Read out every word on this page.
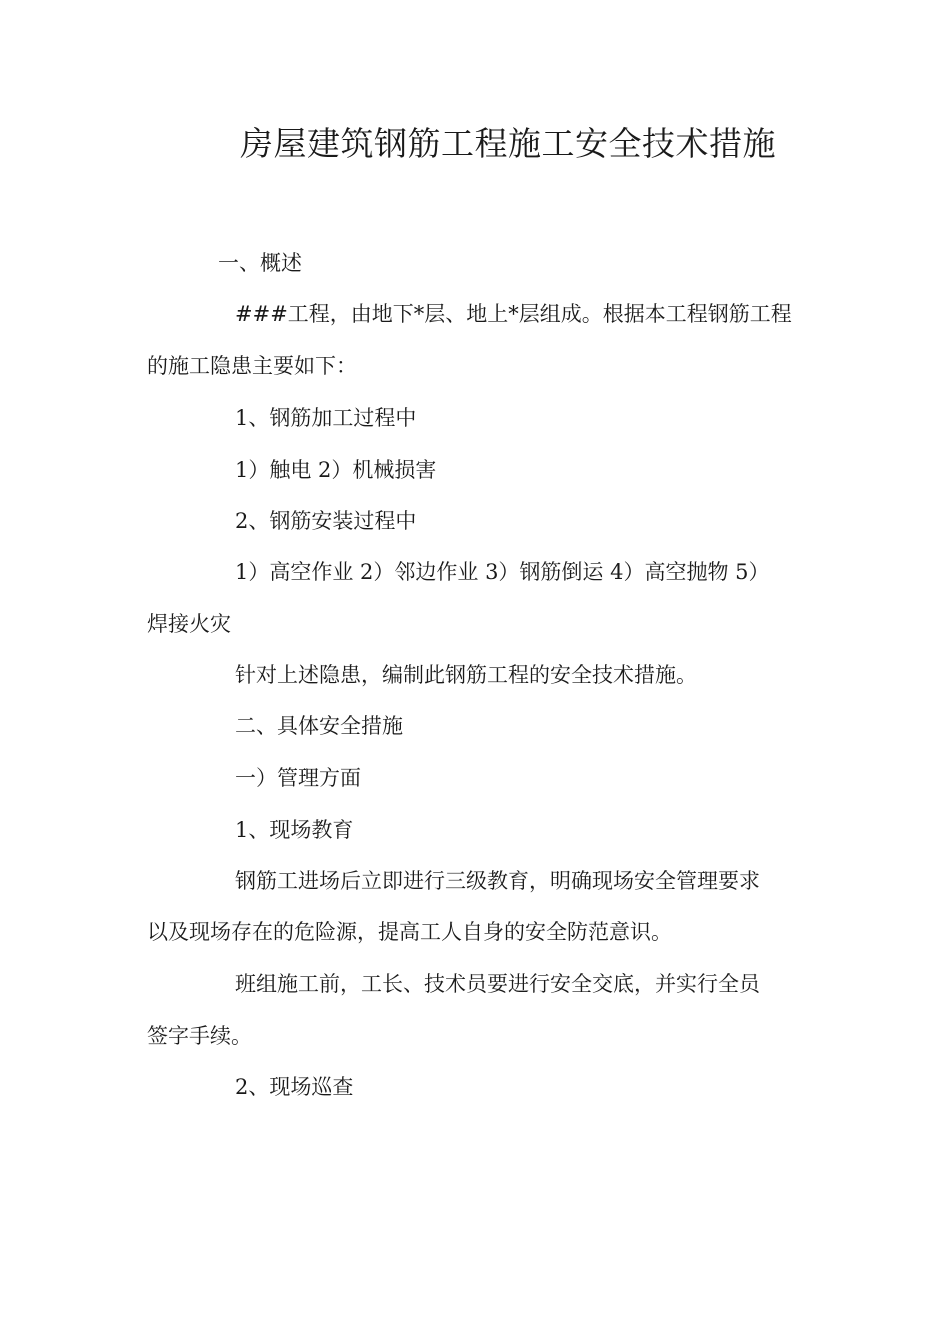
房屋建筑钢筋工程施工安全技术措施
一、概述
###工程，由地下*层、地上*层组成。根据本工程钢筋工程
的施工隐患主要如下：
1、钢筋加工过程中
1）触电 2）机械损害
2、钢筋安装过程中
1）高空作业 2）邻边作业 3）钢筋倒运 4）高空抛物 5）
焊接火灾
针对上述隐患，编制此钢筋工程的安全技术措施。
二、具体安全措施
一）管理方面
1、现场教育
钢筋工进场后立即进行三级教育，明确现场安全管理要求
以及现场存在的危险源，提高工人自身的安全防范意识。
班组施工前，工长、技术员要进行安全交底，并实行全员
签字手续。
2、现场巡查
